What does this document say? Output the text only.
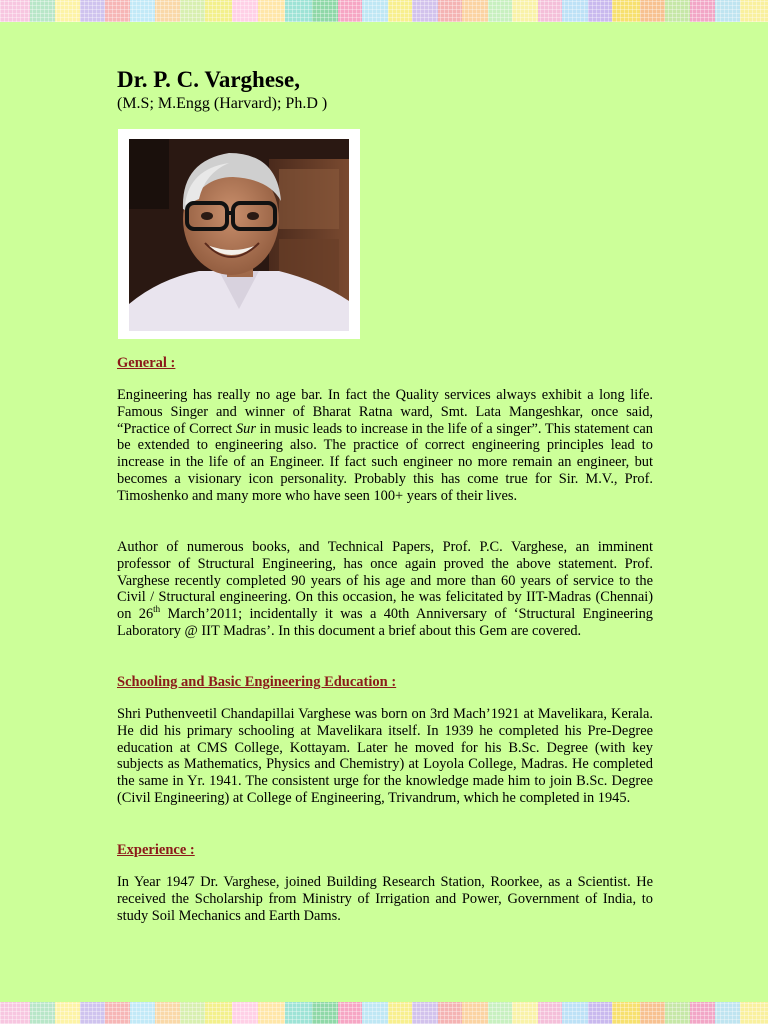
Dr. P. C. Varghese,
(M.S; M.Engg (Harvard); Ph.D )
General :

Engineering has really no age bar. In fact the Quality services always exhibit a long life. Famous Singer and winner of Bharat Ratna ward, Smt. Lata Mangeshkar, once said, “Practice of Correct Sur in music leads to increase in the life of a singer”. This statement can be extended to engineering also. The practice of correct engineering principles lead to increase in the life of an Engineer. If fact such engineer no more remain an engineer, but becomes a visionary icon personality. Probably this has come true for Sir. M.V., Prof. Timoshenko and many more who have seen 100+ years of their lives.

Author of numerous books, and Technical Papers, Prof. P.C. Varghese, an imminent professor of Structural Engineering, has once again proved the above statement. Prof. Varghese recently completed 90 years of his age and more than 60 years of service to the Civil / Structural engineering. On this occasion, he was felicitated by IIT-Madras (Chennai) on 26th March’2011; incidentally it was a 40th Anniversary of ‘Structural Engineering Laboratory @ IIT Madras’. In this document a brief about this Gem are covered.

Schooling and Basic Engineering Education :

Shri Puthenveetil Chandapillai Varghese was born on 3rd Mach’1921 at Mavelikara, Kerala. He did his primary schooling at Mavelikara itself. In 1939 he completed his Pre-Degree education at CMS College, Kottayam. Later he moved for his B.Sc. Degree (with key subjects as Mathematics, Physics and Chemistry) at Loyola College, Madras. He completed the same in Yr. 1941. The consistent urge for the knowledge made him to join B.Sc. Degree (Civil Engineering) at College of Engineering, Trivandrum, which he completed in 1945.

Experience :

In Year 1947 Dr. Varghese, joined Building Research Station, Roorkee, as a Scientist. He received the Scholarship from Ministry of Irrigation and Power, Government of India, to study Soil Mechanics and Earth Dams.
